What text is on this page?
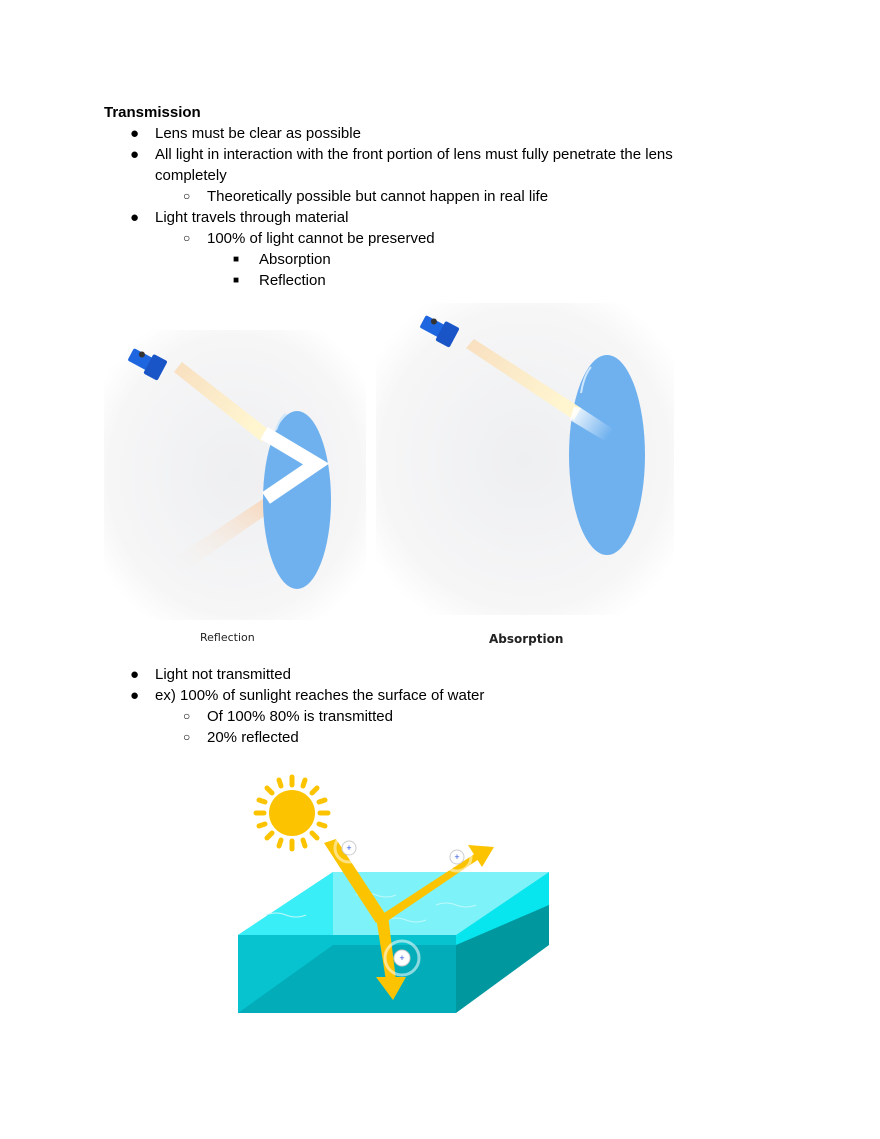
Transmission
● Lens must be clear as possible
● All light in interaction with the front portion of lens must fully penetrate the lens
completely
○ Theoretically possible but cannot happen in real life
● Light travels through material
○ 100% of light cannot be preserved
■ Absorption
■ Reflection
Reflection	Absorption
● Light not transmitted
● ex) 100% of sunlight reaches the surface of water
○ Of 100% 80% is transmitted
○ 20% reflected
+
+
+
